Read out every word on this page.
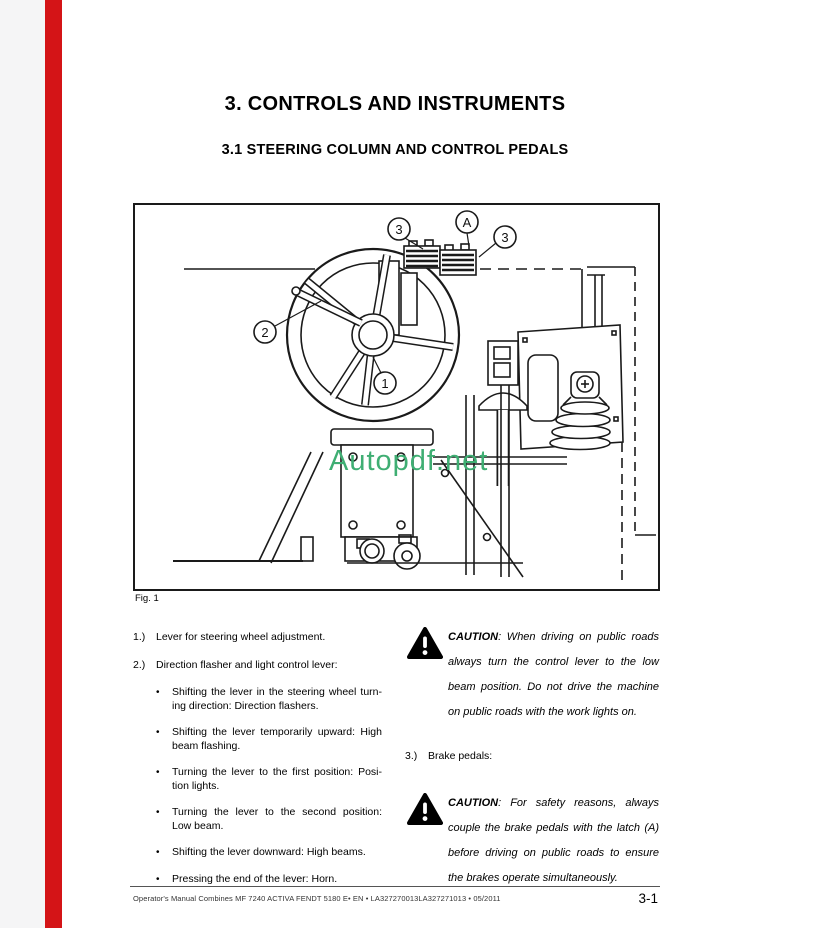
3. CONTROLS AND INSTRUMENTS
3.1 STEERING COLUMN AND CONTROL PEDALS
1
2
3	A
3
Autopdf.net
Fig. 1
1.)	Lever for steering wheel adjustment.
2.)	Direction flasher and light control lever:
•	Shifting the lever in the steering wheel turn-
ing direction: Direction flashers.
•	Shifting the lever temporarily upward: High
beam flashing.
•	Turning the lever to the first position: Posi-
tion lights.
•	Turning the lever to the second position:
Low beam.
•	Shifting the lever downward: High beams.
•	Pressing the end of the lever: Horn.
CAUTION: When driving on public roads
always turn the control lever to the low
beam position. Do not drive the machine
on public roads with the work lights on.
3.)	Brake pedals:
CAUTION: For safety reasons, always
couple the brake pedals with the latch (A)
before driving on public roads to ensure
the brakes operate simultaneously.
Operator's Manual Combines MF 7240 ACTIVA FENDT 5180 E• EN • LA327270013LA327271013 • 05/2011	3-1
